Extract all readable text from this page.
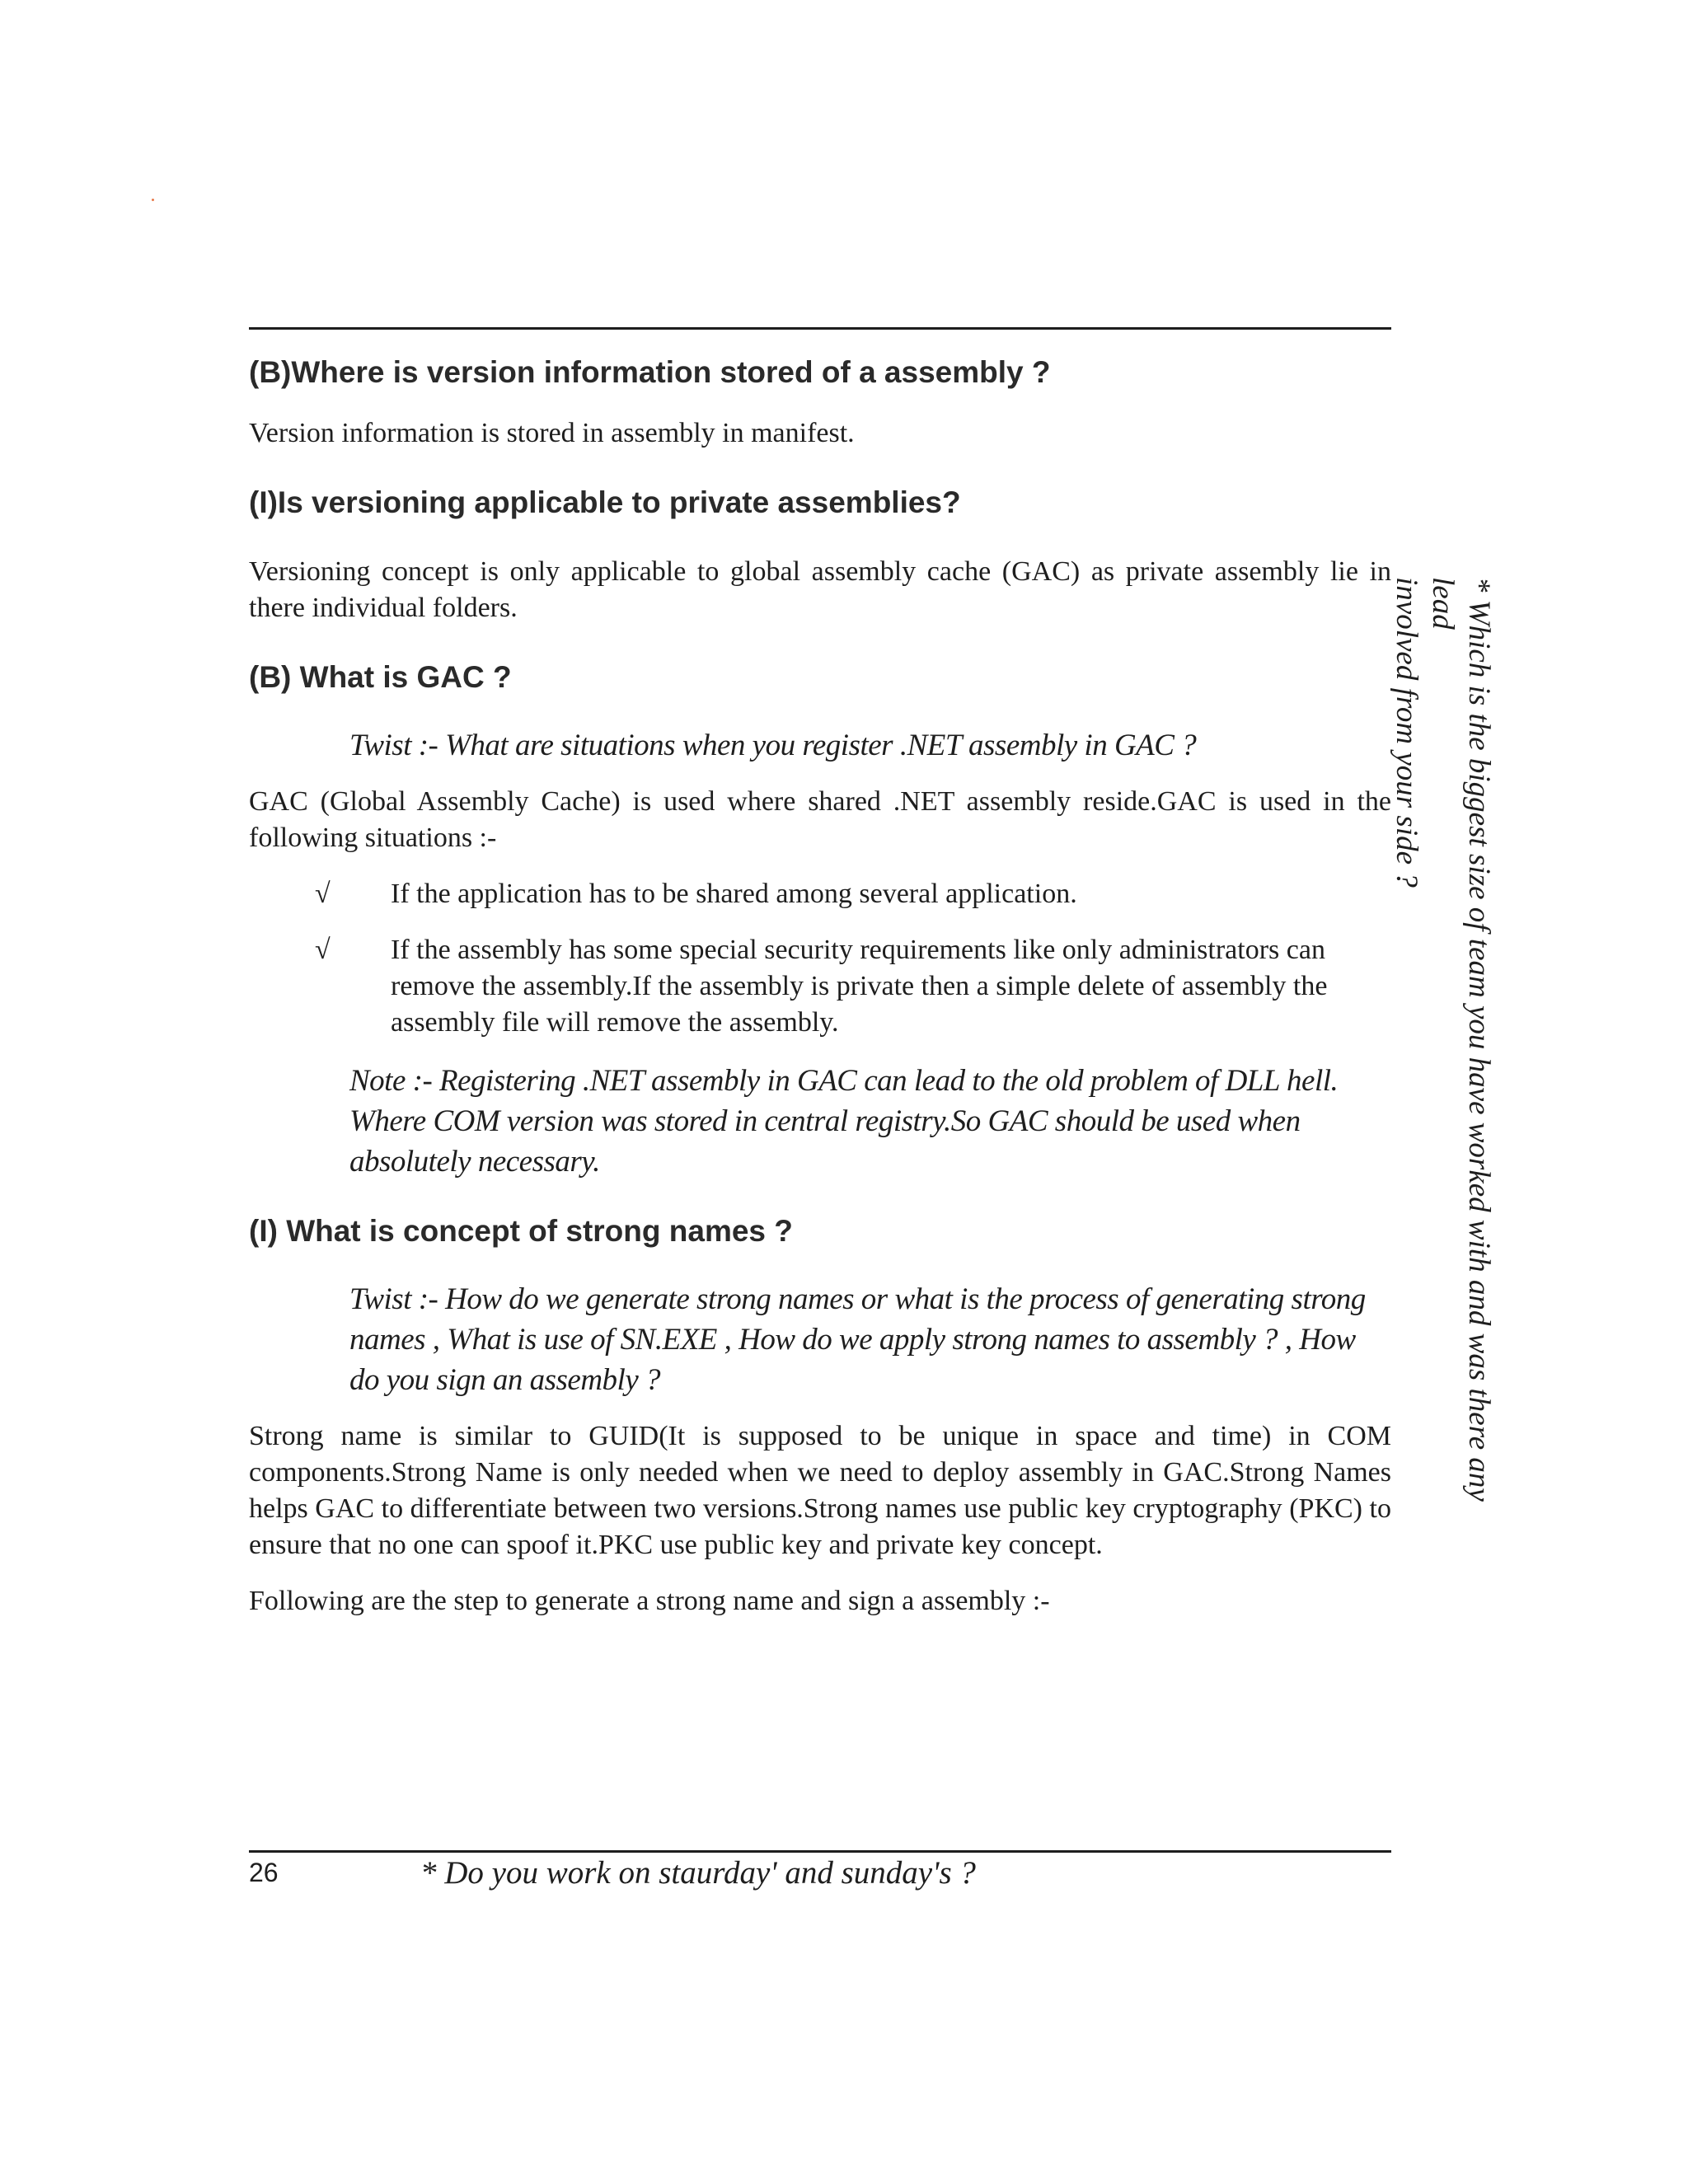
(B)Where is version information stored of a assembly ?

Version information is stored in assembly in manifest.

(I)Is versioning applicable to private assemblies?

Versioning concept is only applicable to global assembly cache (GAC) as private assembly lie in there individual folders.

(B) What is GAC ?

Twist :- What are situations when you register .NET assembly in GAC ?

GAC (Global Assembly Cache) is used where shared .NET assembly reside.GAC is used in the following situations :-

√ If the application has to be shared among several application.
√ If the assembly has some special security requirements like only administrators can remove the assembly.If the assembly is private then a simple delete of assembly the assembly file will remove the assembly.

Note :- Registering .NET assembly in GAC can lead to the old problem of DLL hell. Where COM version was stored in central registry.So GAC should be used when absolutely necessary.

(I) What is concept of strong names ?

Twist :- How do we generate strong names or what is the process of generating strong names , What is use of SN.EXE , How do we apply strong names to assembly ? , How do you sign an assembly ?

Strong name is similar to GUID(It is supposed to be unique in space and time) in COM components.Strong Name is only needed when we need to deploy assembly in GAC.Strong Names helps GAC to differentiate between two versions.Strong names use public key cryptography (PKC) to ensure that no one can spoof it.PKC use public key and private key concept.

Following are the step to generate a strong name and sign a assembly :-

* Which is the biggest size of team you have worked with and was there any lead
involved from your side ?
26	* Do you work on staurday' and sunday's ?
